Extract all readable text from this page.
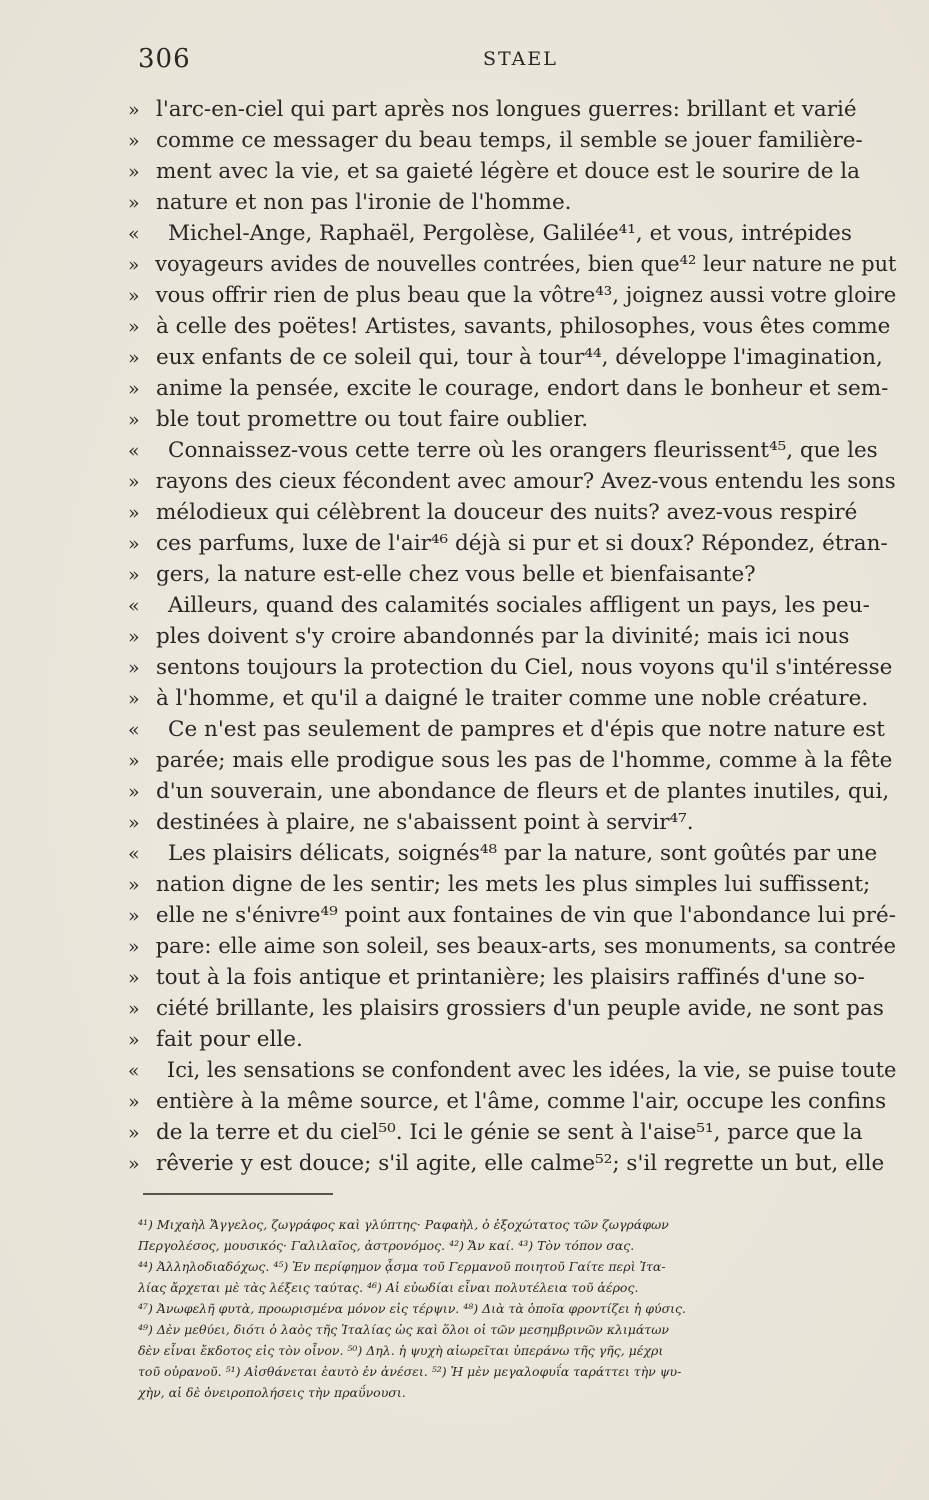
306	STAEL
» l'arc-en-ciel qui part après nos longues guerres: brillant et varié
» comme ce messager du beau temps, il semble se jouer familière-
» ment avec la vie, et sa gaieté légère et douce est le sourire de la
» nature et non pas l'ironie de l'homme.
« Michel-Ange, Raphaël, Pergolèse, Galilée⁴¹, et vous, intrépides
» voyageurs avides de nouvelles contrées, bien que⁴² leur nature ne put
» vous offrir rien de plus beau que la vôtre⁴³, joignez aussi votre gloire
» à celle des poëtes! Artistes, savants, philosophes, vous êtes comme
» eux enfants de ce soleil qui, tour à tour⁴⁴, développe l'imagination,
» anime la pensée, excite le courage, endort dans le bonheur et sem-
» ble tout promettre ou tout faire oublier.
« Connaissez-vous cette terre où les orangers fleurissent⁴⁵, que les
» rayons des cieux fécondent avec amour? Avez-vous entendu les sons
» mélodieux qui célèbrent la douceur des nuits? avez-vous respiré
» ces parfums, luxe de l'air⁴⁶ déjà si pur et si doux? Répondez, étran-
» gers, la nature est-elle chez vous belle et bienfaisante?
« Ailleurs, quand des calamités sociales affligent un pays, les peu-
» ples doivent s'y croire abandonnés par la divinité; mais ici nous
» sentons toujours la protection du Ciel, nous voyons qu'il s'intéresse
» à l'homme, et qu'il a daigné le traiter comme une noble créature.
« Ce n'est pas seulement de pampres et d'épis que notre nature est
» parée; mais elle prodigue sous les pas de l'homme, comme à la fête
» d'un souverain, une abondance de fleurs et de plantes inutiles, qui,
» destinées à plaire, ne s'abaissent point à servir⁴⁷.
« Les plaisirs délicats, soignés⁴⁸ par la nature, sont goûtés par une
» nation digne de les sentir; les mets les plus simples lui suffissent;
» elle ne s'énivre⁴⁹ point aux fontaines de vin que l'abondance lui pré-
» pare: elle aime son soleil, ses beaux-arts, ses monuments, sa contrée
» tout à la fois antique et printanière; les plaisirs raffinés d'une so-
» ciété brillante, les plaisirs grossiers d'un peuple avide, ne sont pas
» fait pour elle.
« Ici, les sensations se confondent avec les idées, la vie, se puise toute
» entière à la même source, et l'âme, comme l'air, occupe les confins
» de la terre et du ciel⁵⁰. Ici le génie se sent à l'aise⁵¹, parce que la
» rêverie y est douce; s'il agite, elle calme⁵²; s'il regrette un but, elle
⁴¹) Μιχαὴλ Ἄγγελος, ζωγράφος καὶ γλύπτης· Ραφαὴλ, ὁ ἐξοχώτατος τῶν ζωγράφων
Περγολέσος, μουσικός· Γαλιλαῖος, ἀστρονόμος. ⁴²) Ἄν καί. ⁴³) Τὸν τόπον σας.
⁴⁴) Ἀλληλοδιαδόχως. ⁴⁵) Ἐν περίφημον ᾆσμα τοῦ Γερμανοῦ ποιητοῦ Γαίτε περὶ Ἰτα-
λίας ἄρχεται μὲ τὰς λέξεις ταύτας. ⁴⁶) Αἱ εὐωδίαι εἶναι πολυτέλεια τοῦ ἀέρος.
⁴⁷) Ἀνωφελῆ φυτὰ, προωρισμένα μόνον εἰς τέρψιν. ⁴⁸) Διὰ τὰ ὁποῖα φροντίζει ἡ φύσις.
⁴⁹) Δὲν μεθύει, διότι ὁ λαὸς τῆς Ἰταλίας ὡς καὶ ὅλοι οἱ τῶν μεσημβρινῶν κλιμάτων
δὲν εἶναι ἔκδοτος εἰς τὸν οἶνον. ⁵⁰) Δηλ. ἡ ψυχὴ αἰωρεῖται ὑπεράνω τῆς γῆς, μέχρι
τοῦ οὐρανοῦ. ⁵¹) Αἰσθάνεται ἑαυτὸ ἐν ἀνέσει. ⁵²) Ἡ μὲν μεγαλοφυΐα ταράττει τὴν ψυ-
χὴν, αἱ δὲ ὀνειροπολήσεις τὴν πραΰνουσι.
